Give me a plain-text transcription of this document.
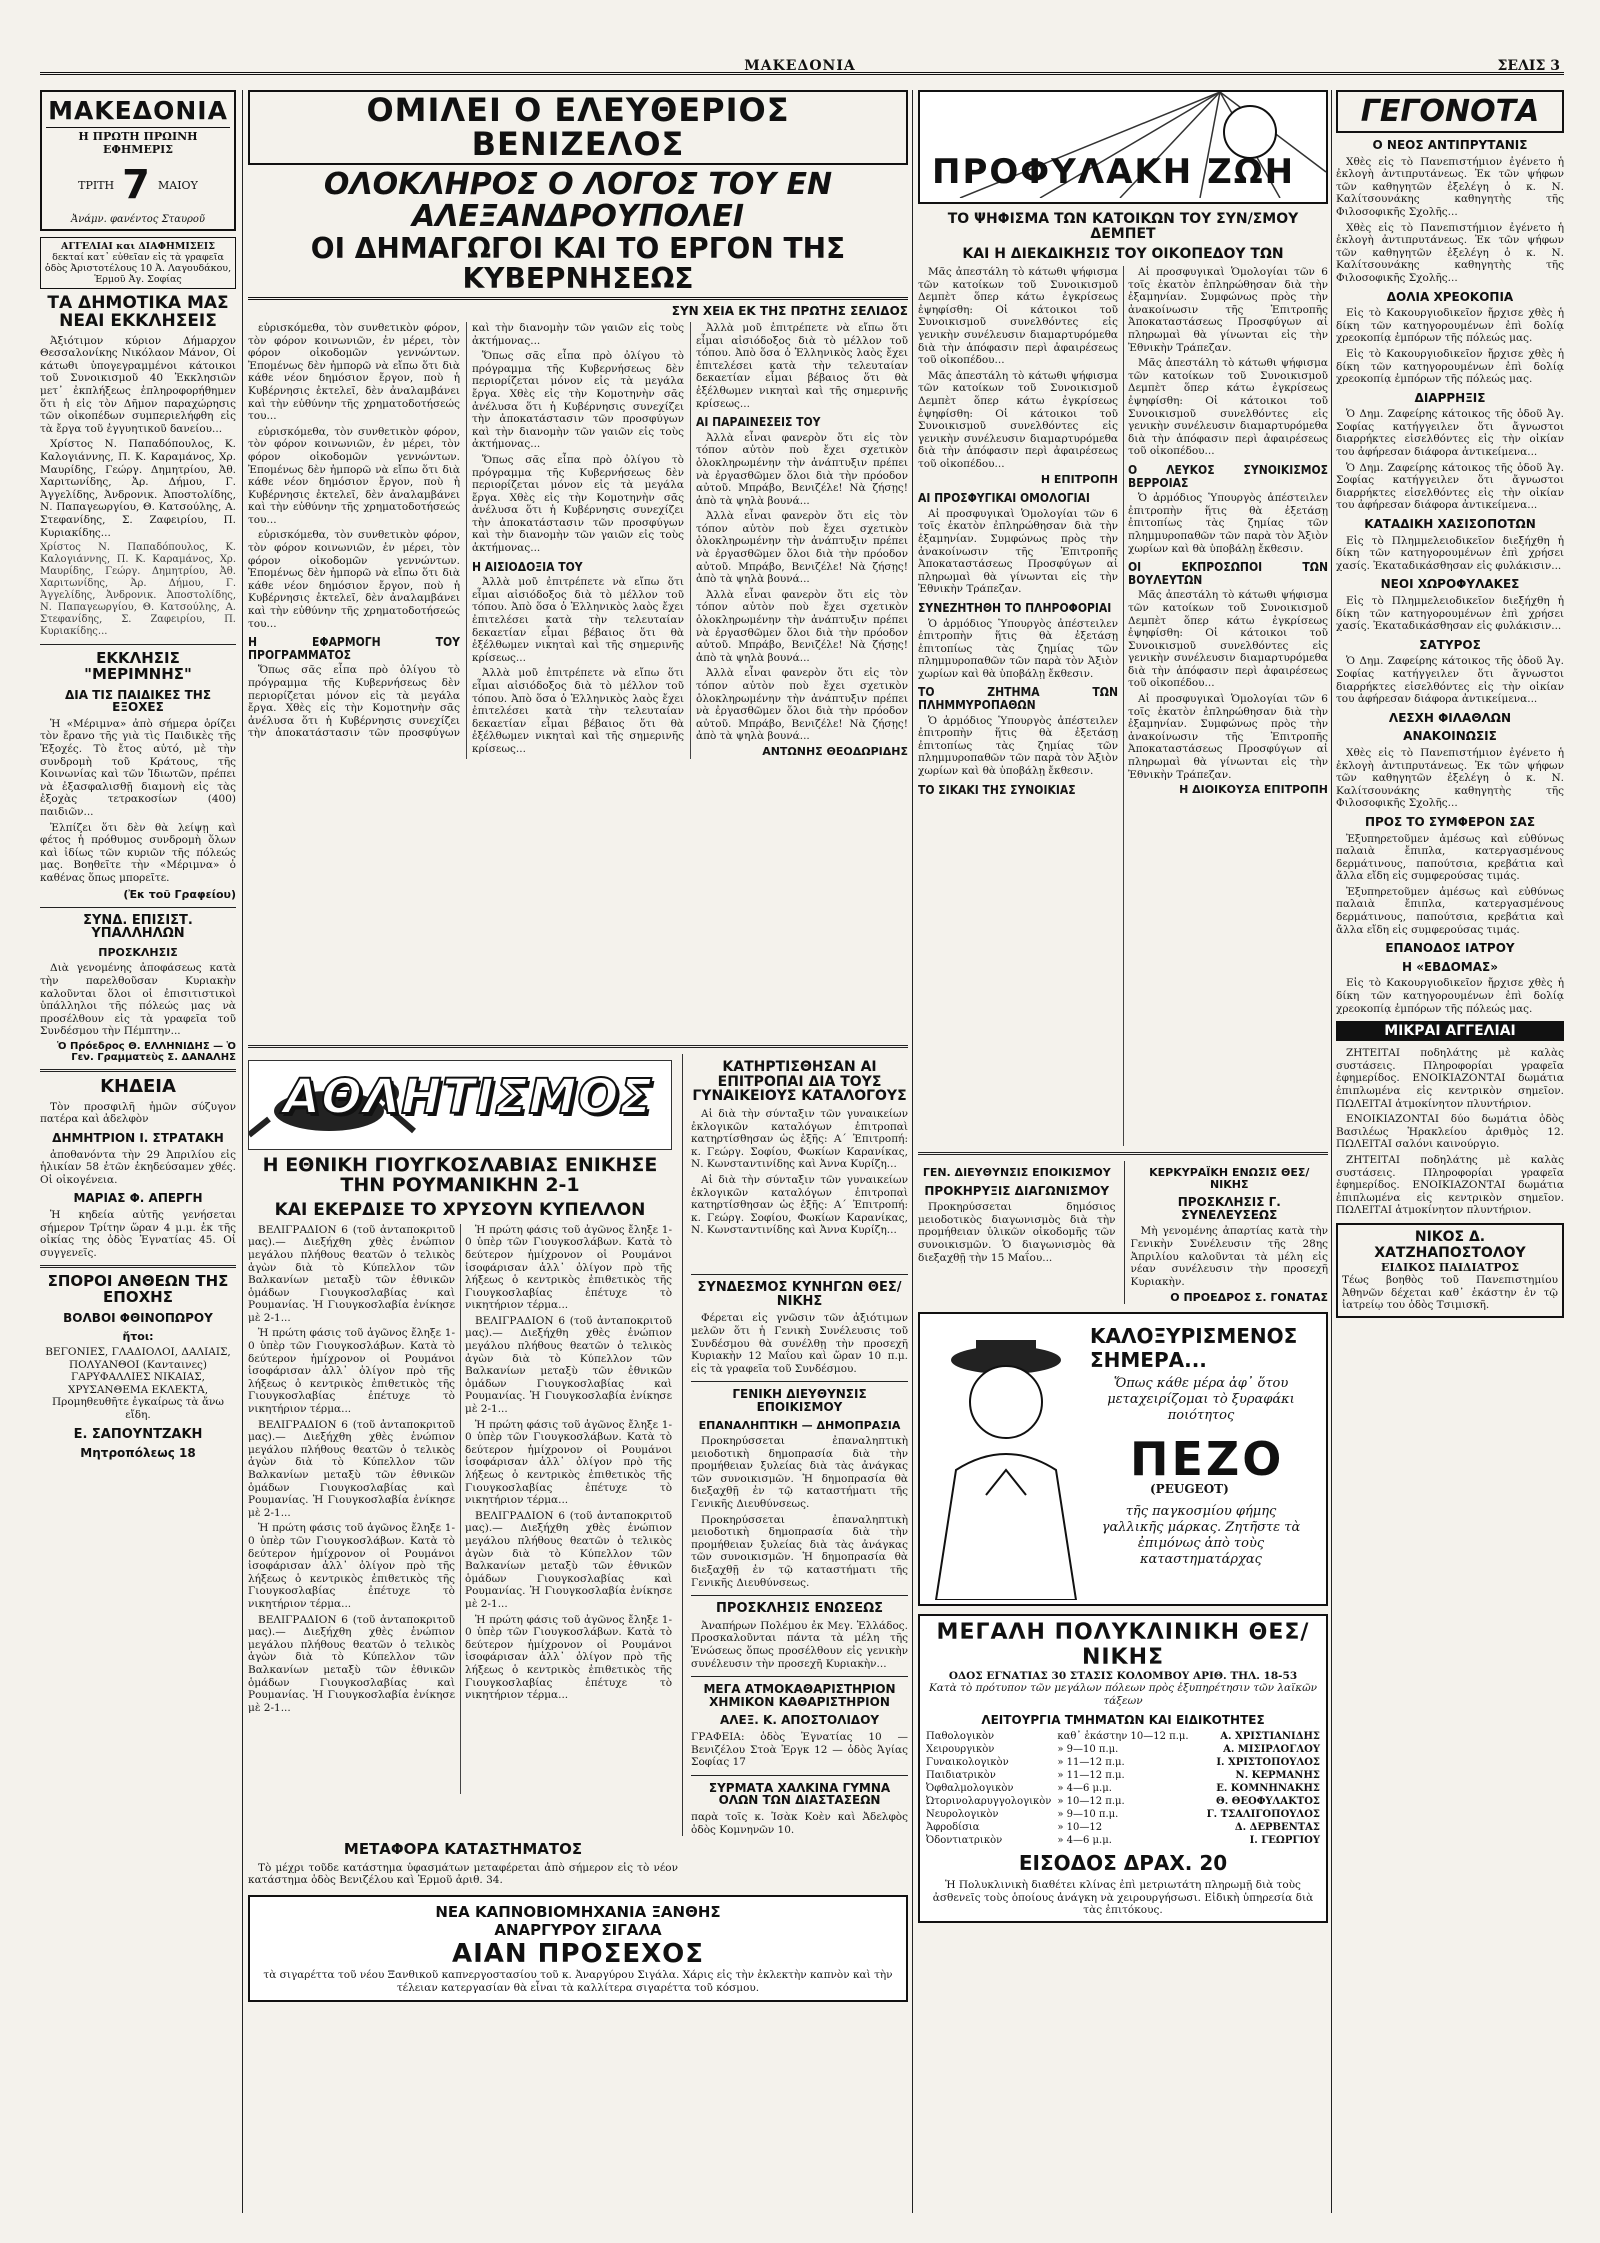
ΜΑΚΕΔΟΝΙΑ	ΣΕΛΙΣ 3
ΜΑΚΕΔΟΝΙΑ
Η ΠΡΩΤΗ ΠΡΩΙΝΗ ΕΦΗΜΕΡΙΣ
ΤΡΙΤΗ 7 ΜΑΙΟΥ
Ἀνάμν. φανέντος Σταυροῦ
ΑΓΓΕΛΙΑΙ και ΔΙΑΦΗΜΙΣΕΙΣ
δεκταί κατ᾿ εὐθεῖαν εἰς τὰ γραφεῖα ὁδὸς Ἀριστοτέλους 10 Ἀ. Λαγουδάκου, Ἑρμοῦ Ἀγ. Σοφίας
ΤΑ ΔΗΜΟΤΙΚΑ ΜΑΣ ΝΕΑΙ ΕΚΚΛΗΣΕΙΣ

Ἀξιότιμον κύριον Δήμαρχον Θεσσαλονίκης Νικόλαον Μάνον, Οἱ κάτωθι ὑπογεγραμμένοι κάτοικοι τοῦ Συνοικισμοῦ 40 Ἐκκλησιῶν μετ᾿ ἐκπλήξεως ἐπληροφορήθημεν ὅτι ἡ εἰς τὸν Δῆμον παραχώρησις τῶν οἰκοπέδων συμπεριελήφθη εἰς τὰ ἔργα τοῦ ἐγγυητικοῦ δανείου...

Χρίστος Ν. Παπαδόπουλος, Κ. Καλογιάννης, Π. Κ. Καραμάνος, Χρ. Μαυρίδης, Γεώργ. Δημητρίου, Ἀθ. Χαριτωνίδης, Ἀρ. Δήμου, Γ. Ἀγγελίδης, Ἀνδρονικ. Ἀποστολίδης, Ν. Παπαγεωργίου, Θ. Κατσούλης, Α. Στεφανίδης, Σ. Ζαφειρίου, Π. Κυριακίδης...

Χρίστος Ν. Παπαδόπουλος, Κ. Καλογιάννης, Π. Κ. Καραμάνος, Χρ. Μαυρίδης, Γεώργ. Δημητρίου, Ἀθ. Χαριτωνίδης, Ἀρ. Δήμου, Γ. Ἀγγελίδης, Ἀνδρονικ. Ἀποστολίδης, Ν. Παπαγεωργίου, Θ. Κατσούλης, Α. Στεφανίδης, Σ. Ζαφειρίου, Π. Κυριακίδης...
ΕΚΚΛΗΣΙΣ "ΜΕΡΙΜΝΗΣ"
ΔΙΑ ΤΙΣ ΠΑΙΔΙΚΕΣ ΤΗΣ ΕΞΟΧΕΣ

Ἡ «Μέριμνα» ἀπὸ σήμερα ὁρίζει τὸν ἔρανο τῆς γιὰ τὶς Παιδικὲς τῆς Ἐξοχές. Τὸ ἔτος αὐτό, μὲ τὴν συνδρομὴ τοῦ Κράτους, τῆς Κοινωνίας καὶ τῶν Ἰδιωτῶν, πρέπει νὰ ἐξασφαλισθῇ διαμονὴ εἰς τὰς ἐξοχὰς τετρακοσίων (400) παιδιῶν...

Ἐλπίζει ὅτι δὲν θὰ λείψῃ καὶ φέτος ἡ πρόθυμος συνδρομὴ ὅλων καὶ ἰδίως τῶν κυριῶν τῆς πόλεώς μας. Βοηθεῖτε τὴν «Μέριμνα» ὁ καθένας ὅπως μπορεῖτε.

(Ἐκ τοῦ Γραφείου)
ΣΥΝΔ. ΕΠΙΣΙΣΤ. ΥΠΑΛΛΗΛΩΝ
ΠΡΟΣΚΛΗΣΙΣ

Διὰ γενομένης ἀποφάσεως κατὰ τὴν παρελθοῦσαν Κυριακὴν καλοῦνται ὅλοι οἱ ἐπισιτιστικοὶ ὑπάλληλοι τῆς πόλεώς μας νὰ προσέλθουν εἰς τὰ γραφεῖα τοῦ Συνδέσμου τὴν Πέμπτην...

Ὁ Πρόεδρος Θ. ΕΛΛΗΝΙΔΗΣ — Ὁ Γεν. Γραμματεὺς Σ. ΔΑΝΑΛΗΣ
ΚΗΔΕΙΑ

Τὸν προσφιλῆ ἡμῶν σύζυγον πατέρα καὶ ἀδελφὸν

ΔΗΜΗΤΡΙΟΝ Ι. ΣΤΡΑΤΑΚΗ

ἀποθανόντα τὴν 29 Ἀπριλίου εἰς ἡλικίαν 58 ἐτῶν ἐκηδεύσαμεν χθές. Οἱ οἰκογένεια.

ΜΑΡΙΑΣ Φ. ΑΠΕΡΓΗ

Ἡ κηδεία αὐτῆς γενήσεται σήμερον Τρίτην ὥραν 4 μ.μ. ἐκ τῆς οἰκίας της ὁδὸς Ἐγνατίας 45. Οἱ συγγενεῖς.

ΣΠΟΡΟΙ ΑΝΘΕΩΝ ΤΗΣ ΕΠΟΧΗΣ
ΒΟΛΒΟΙ ΦΘΙΝΟΠΩΡΟΥ
ἤτοι:
ΒΕΓΟΝΙΕΣ, ΓΛΑΔΙΟΛΟΙ, ΔΑΛΙΑΙΣ, ΠΟΛΥΑΝΘΟΙ (Κανταινες) ΓΑΡΥΦΑΛΛΙΕΣ ΝΙΚΑΙΑΣ, ΧΡΥΣΑΝΘΕΜΑ ΕΚΛΕΚΤΑ, Προμηθευθῆτε ἐγκαίρως τὰ ἄνω εἴδη.
Ε. ΣΑΠΟΥΝΤΖΑΚΗ
Μητροπόλεως 18
ΟΜΙΛΕΙ Ο ΕΛΕΥΘΕΡΙΟΣ ΒΕΝΙΖΕΛΟΣ
ΟΛΟΚΛΗΡΟΣ Ο ΛΟΓΟΣ ΤΟΥ ΕΝ ΑΛΕΞΑΝΔΡΟΥΠΟΛΕΙ
ΟΙ ΔΗΜΑΓΩΓΟΙ ΚΑΙ ΤΟ ΕΡΓΟΝ ΤΗΣ ΚΥΒΕΡΝΗΣΕΩΣ
ΣΥΝ ΧΕΙΑ ΕΚ ΤΗΣ ΠΡΩΤΗΣ ΣΕΛΙΔΟΣ

εὐρισκόμεθα, τὸν συνθετικὸν φόρον, τὸν φόρον κοινωνιῶν, ἐν μέρει, τὸν φόρον οἰκοδομῶν γεννώντων. Ἐπομένως δὲν ἠμπορῶ νὰ εἴπω ὅτι διὰ κάθε νέον δημόσιον ἔργον, ποὺ ἡ Κυβέρνησις ἐκτελεῖ, δὲν ἀναλαμβάνει καὶ τὴν εὐθύνην τῆς χρηματοδοτήσεώς του...

εὐρισκόμεθα, τὸν συνθετικὸν φόρον, τὸν φόρον κοινωνιῶν, ἐν μέρει, τὸν φόρον οἰκοδομῶν γεννώντων. Ἐπομένως δὲν ἠμπορῶ νὰ εἴπω ὅτι διὰ κάθε νέον δημόσιον ἔργον, ποὺ ἡ Κυβέρνησις ἐκτελεῖ, δὲν ἀναλαμβάνει καὶ τὴν εὐθύνην τῆς χρηματοδοτήσεώς του...

εὐρισκόμεθα, τὸν συνθετικὸν φόρον, τὸν φόρον κοινωνιῶν, ἐν μέρει, τὸν φόρον οἰκοδομῶν γεννώντων. Ἐπομένως δὲν ἠμπορῶ νὰ εἴπω ὅτι διὰ κάθε νέον δημόσιον ἔργον, ποὺ ἡ Κυβέρνησις ἐκτελεῖ, δὲν ἀναλαμβάνει καὶ τὴν εὐθύνην τῆς χρηματοδοτήσεώς του...

Η ΕΦΑΡΜΟΓΗ ΤΟΥ ΠΡΟΓΡΑΜΜΑΤΟΣ

Ὅπως σᾶς εἶπα πρὸ ὀλίγου τὸ πρόγραμμα τῆς Κυβερνήσεως δὲν περιορίζεται μόνον εἰς τὰ μεγάλα ἔργα. Χθὲς εἰς τὴν Κομοτηνὴν σᾶς ἀνέλυσα ὅτι ἡ Κυβέρνησις συνεχίζει τὴν ἀποκατάστασιν τῶν προσφύγων καὶ τὴν διανομὴν τῶν γαιῶν εἰς τοὺς ἀκτήμονας...

Ὅπως σᾶς εἶπα πρὸ ὀλίγου τὸ πρόγραμμα τῆς Κυβερνήσεως δὲν περιορίζεται μόνον εἰς τὰ μεγάλα ἔργα. Χθὲς εἰς τὴν Κομοτηνὴν σᾶς ἀνέλυσα ὅτι ἡ Κυβέρνησις συνεχίζει τὴν ἀποκατάστασιν τῶν προσφύγων καὶ τὴν διανομὴν τῶν γαιῶν εἰς τοὺς ἀκτήμονας...

Ὅπως σᾶς εἶπα πρὸ ὀλίγου τὸ πρόγραμμα τῆς Κυβερνήσεως δὲν περιορίζεται μόνον εἰς τὰ μεγάλα ἔργα. Χθὲς εἰς τὴν Κομοτηνὴν σᾶς ἀνέλυσα ὅτι ἡ Κυβέρνησις συνεχίζει τὴν ἀποκατάστασιν τῶν προσφύγων καὶ τὴν διανομὴν τῶν γαιῶν εἰς τοὺς ἀκτήμονας...

Η ΑΙΣΙΟΔΟΞΙΑ ΤΟΥ

Ἀλλὰ μοῦ ἐπιτρέπετε νὰ εἴπω ὅτι εἶμαι αἰσιόδοξος διὰ τὸ μέλλον τοῦ τόπου. Ἀπὸ ὅσα ὁ Ἑλληνικὸς λαὸς ἔχει ἐπιτελέσει κατὰ τὴν τελευταίαν δεκαετίαν εἶμαι βέβαιος ὅτι θὰ ἐξέλθωμεν νικηταὶ καὶ τῆς σημερινῆς κρίσεως...

Ἀλλὰ μοῦ ἐπιτρέπετε νὰ εἴπω ὅτι εἶμαι αἰσιόδοξος διὰ τὸ μέλλον τοῦ τόπου. Ἀπὸ ὅσα ὁ Ἑλληνικὸς λαὸς ἔχει ἐπιτελέσει κατὰ τὴν τελευταίαν δεκαετίαν εἶμαι βέβαιος ὅτι θὰ ἐξέλθωμεν νικηταὶ καὶ τῆς σημερινῆς κρίσεως...

Ἀλλὰ μοῦ ἐπιτρέπετε νὰ εἴπω ὅτι εἶμαι αἰσιόδοξος διὰ τὸ μέλλον τοῦ τόπου. Ἀπὸ ὅσα ὁ Ἑλληνικὸς λαὸς ἔχει ἐπιτελέσει κατὰ τὴν τελευταίαν δεκαετίαν εἶμαι βέβαιος ὅτι θὰ ἐξέλθωμεν νικηταὶ καὶ τῆς σημερινῆς κρίσεως...

ΑΙ ΠΑΡΑΙΝΕΣΕΙΣ ΤΟΥ

Ἀλλὰ εἶναι φανερὸν ὅτι εἰς τὸν τόπον αὐτὸν ποὺ ἔχει σχετικὸν ὁλοκληρωμένην τὴν ἀνάπτυξιν πρέπει νὰ ἐργασθῶμεν ὅλοι διὰ τὴν πρόοδον αὐτοῦ. Μπράβο, Βενιζέλε! Νὰ ζήσῃς! ἀπὸ τὰ ψηλὰ βουνά...

Ἀλλὰ εἶναι φανερὸν ὅτι εἰς τὸν τόπον αὐτὸν ποὺ ἔχει σχετικὸν ὁλοκληρωμένην τὴν ἀνάπτυξιν πρέπει νὰ ἐργασθῶμεν ὅλοι διὰ τὴν πρόοδον αὐτοῦ. Μπράβο, Βενιζέλε! Νὰ ζήσῃς! ἀπὸ τὰ ψηλὰ βουνά...

Ἀλλὰ εἶναι φανερὸν ὅτι εἰς τὸν τόπον αὐτὸν ποὺ ἔχει σχετικὸν ὁλοκληρωμένην τὴν ἀνάπτυξιν πρέπει νὰ ἐργασθῶμεν ὅλοι διὰ τὴν πρόοδον αὐτοῦ. Μπράβο, Βενιζέλε! Νὰ ζήσῃς! ἀπὸ τὰ ψηλὰ βουνά...

Ἀλλὰ εἶναι φανερὸν ὅτι εἰς τὸν τόπον αὐτὸν ποὺ ἔχει σχετικὸν ὁλοκληρωμένην τὴν ἀνάπτυξιν πρέπει νὰ ἐργασθῶμεν ὅλοι διὰ τὴν πρόοδον αὐτοῦ. Μπράβο, Βενιζέλε! Νὰ ζήσῃς! ἀπὸ τὰ ψηλὰ βουνά...

ΑΝΤΩΝΗΣ ΘΕΟΔΩΡΙΔΗΣ
ΑΘΛΗΤΙΣΜΟΣ
Η ΕΘΝΙΚΗ ΓΙΟΥΓΚΟΣΛΑΒΙΑΣ ΕΝΙΚΗΣΕ ΤΗΝ ΡΟΥΜΑΝΙΚΗΝ 2-1
ΚΑΙ ΕΚΕΡΔΙΣΕ ΤΟ ΧΡΥΣΟΥΝ ΚΥΠΕΛΛΟΝ

ΒΕΛΙΓΡΑΔΙΟΝ 6 (τοῦ ἀνταποκριτοῦ μας).— Διεξήχθη χθὲς ἐνώπιον μεγάλου πλήθους θεατῶν ὁ τελικὸς ἀγὼν διὰ τὸ Κύπελλον τῶν Βαλκανίων μεταξὺ τῶν ἐθνικῶν ὁμάδων Γιουγκοσλαβίας καὶ Ρουμανίας. Ἡ Γιουγκοσλαβία ἐνίκησε μὲ 2-1...

Ἡ πρώτη φάσις τοῦ ἀγῶνος ἔληξε 1-0 ὑπὲρ τῶν Γιουγκοσλάβων. Κατὰ τὸ δεύτερον ἡμίχρονον οἱ Ρουμάνοι ἰσοφάρισαν ἀλλ᾿ ὀλίγον πρὸ τῆς λήξεως ὁ κεντρικὸς ἐπιθετικὸς τῆς Γιουγκοσλαβίας ἐπέτυχε τὸ νικητήριον τέρμα...

ΒΕΛΙΓΡΑΔΙΟΝ 6 (τοῦ ἀνταποκριτοῦ μας).— Διεξήχθη χθὲς ἐνώπιον μεγάλου πλήθους θεατῶν ὁ τελικὸς ἀγὼν διὰ τὸ Κύπελλον τῶν Βαλκανίων μεταξὺ τῶν ἐθνικῶν ὁμάδων Γιουγκοσλαβίας καὶ Ρουμανίας. Ἡ Γιουγκοσλαβία ἐνίκησε μὲ 2-1...

Ἡ πρώτη φάσις τοῦ ἀγῶνος ἔληξε 1-0 ὑπὲρ τῶν Γιουγκοσλάβων. Κατὰ τὸ δεύτερον ἡμίχρονον οἱ Ρουμάνοι ἰσοφάρισαν ἀλλ᾿ ὀλίγον πρὸ τῆς λήξεως ὁ κεντρικὸς ἐπιθετικὸς τῆς Γιουγκοσλαβίας ἐπέτυχε τὸ νικητήριον τέρμα...

ΒΕΛΙΓΡΑΔΙΟΝ 6 (τοῦ ἀνταποκριτοῦ μας).— Διεξήχθη χθὲς ἐνώπιον μεγάλου πλήθους θεατῶν ὁ τελικὸς ἀγὼν διὰ τὸ Κύπελλον τῶν Βαλκανίων μεταξὺ τῶν ἐθνικῶν ὁμάδων Γιουγκοσλαβίας καὶ Ρουμανίας. Ἡ Γιουγκοσλαβία ἐνίκησε μὲ 2-1...

Ἡ πρώτη φάσις τοῦ ἀγῶνος ἔληξε 1-0 ὑπὲρ τῶν Γιουγκοσλάβων. Κατὰ τὸ δεύτερον ἡμίχρονον οἱ Ρουμάνοι ἰσοφάρισαν ἀλλ᾿ ὀλίγον πρὸ τῆς λήξεως ὁ κεντρικὸς ἐπιθετικὸς τῆς Γιουγκοσλαβίας ἐπέτυχε τὸ νικητήριον τέρμα...

ΒΕΛΙΓΡΑΔΙΟΝ 6 (τοῦ ἀνταποκριτοῦ μας).— Διεξήχθη χθὲς ἐνώπιον μεγάλου πλήθους θεατῶν ὁ τελικὸς ἀγὼν διὰ τὸ Κύπελλον τῶν Βαλκανίων μεταξὺ τῶν ἐθνικῶν ὁμάδων Γιουγκοσλαβίας καὶ Ρουμανίας. Ἡ Γιουγκοσλαβία ἐνίκησε μὲ 2-1...

Ἡ πρώτη φάσις τοῦ ἀγῶνος ἔληξε 1-0 ὑπὲρ τῶν Γιουγκοσλάβων. Κατὰ τὸ δεύτερον ἡμίχρονον οἱ Ρουμάνοι ἰσοφάρισαν ἀλλ᾿ ὀλίγον πρὸ τῆς λήξεως ὁ κεντρικὸς ἐπιθετικὸς τῆς Γιουγκοσλαβίας ἐπέτυχε τὸ νικητήριον τέρμα...

ΒΕΛΙΓΡΑΔΙΟΝ 6 (τοῦ ἀνταποκριτοῦ μας).— Διεξήχθη χθὲς ἐνώπιον μεγάλου πλήθους θεατῶν ὁ τελικὸς ἀγὼν διὰ τὸ Κύπελλον τῶν Βαλκανίων μεταξὺ τῶν ἐθνικῶν ὁμάδων Γιουγκοσλαβίας καὶ Ρουμανίας. Ἡ Γιουγκοσλαβία ἐνίκησε μὲ 2-1...

Ἡ πρώτη φάσις τοῦ ἀγῶνος ἔληξε 1-0 ὑπὲρ τῶν Γιουγκοσλάβων. Κατὰ τὸ δεύτερον ἡμίχρονον οἱ Ρουμάνοι ἰσοφάρισαν ἀλλ᾿ ὀλίγον πρὸ τῆς λήξεως ὁ κεντρικὸς ἐπιθετικὸς τῆς Γιουγκοσλαβίας ἐπέτυχε τὸ νικητήριον τέρμα...

ΚΑΤΗΡΤΙΣΘΗΣΑΝ ΑΙ ΕΠΙΤΡΟΠΑΙ ΔΙΑ ΤΟΥΣ ΓΥΝΑΙΚΕΙΟΥΣ ΚΑΤΑΛΟΓΟΥΣ

Αἱ διὰ τὴν σύνταξιν τῶν γυναικείων ἐκλογικῶν καταλόγων ἐπιτροπαὶ κατηρτίσθησαν ὡς ἑξῆς: Α΄ Ἐπιτροπή: κ. Γεώργ. Σοφίου, Φωκίων Καρανίκας, Ν. Κωνσταντινίδης καὶ Ἀννα Κυρίζη...

Αἱ διὰ τὴν σύνταξιν τῶν γυναικείων ἐκλογικῶν καταλόγων ἐπιτροπαὶ κατηρτίσθησαν ὡς ἑξῆς: Α΄ Ἐπιτροπή: κ. Γεώργ. Σοφίου, Φωκίων Καρανίκας, Ν. Κωνσταντινίδης καὶ Ἀννα Κυρίζη...

ΣΥΝΔΕΣΜΟΣ ΚΥΝΗΓΩΝ ΘΕΣ/ΝΙΚΗΣ

Φέρεται εἰς γνῶσιν τῶν ἀξιότιμων μελῶν ὅτι ἡ Γενικὴ Συνέλευσις τοῦ Συνδέσμου θὰ συνέλθῃ τὴν προσεχῆ Κυριακὴν 12 Μαΐου καὶ ὥραν 10 π.μ. εἰς τὰ γραφεῖα τοῦ Συνδέσμου.

ΓΕΝΙΚΗ ΔΙΕΥΘΥΝΣΙΣ ΕΠΟΙΚΙΣΜΟΥ
ΕΠΑΝΑΛΗΠΤΙΚΗ — ΔΗΜΟΠΡΑΣΙΑ

Προκηρύσσεται ἐπαναληπτικὴ μειοδοτικὴ δημοπρασία διὰ τὴν προμήθειαν ξυλείας διὰ τὰς ἀνάγκας τῶν συνοικισμῶν. Ἡ δημοπρασία θὰ διεξαχθῇ ἐν τῷ καταστήματι τῆς Γενικῆς Διευθύνσεως.

Προκηρύσσεται ἐπαναληπτικὴ μειοδοτικὴ δημοπρασία διὰ τὴν προμήθειαν ξυλείας διὰ τὰς ἀνάγκας τῶν συνοικισμῶν. Ἡ δημοπρασία θὰ διεξαχθῇ ἐν τῷ καταστήματι τῆς Γενικῆς Διευθύνσεως.

ΠΡΟΣΚΛΗΣΙΣ ΕΝΩΣΕΩΣ

Ἀναπήρων Πολέμου ἐκ Μεγ. Ἑλλάδος. Προσκαλοῦνται πάντα τὰ μέλη τῆς Ἑνώσεως ὅπως προσέλθουν εἰς γενικὴν συνέλευσιν τὴν προσεχῆ Κυριακὴν...

ΜΕΓΑ ΑΤΜΟΚΑΘΑΡΙΣΤΗΡΙΟΝ ΧΗΜΙΚΟΝ ΚΑΘΑΡΙΣΤΗΡΙΟΝ
ΑΛΕΞ. Κ. ΑΠΟΣΤΟΛΙΔΟΥ
ΓΡΑΦΕΙΑ: ὁδὸς Ἐγνατίας 10 — Βενιζέλου Στοὰ Ἐργκ 12 — ὁδὸς Ἁγίας Σοφίας 17
ΣΥΡΜΑΤΑ ΧΑΛΚΙΝΑ ΓΥΜΝΑ ΟΛΩΝ ΤΩΝ ΔΙΑΣΤΑΣΕΩΝ
παρὰ τοῖς κ. Ἰσὰκ Κοὲν καὶ Ἀδελφὸς ὁδὸς Κομνηνῶν 10.
ΜΕΤΑΦΟΡΑ ΚΑΤΑΣΤΗΜΑΤΟΣ

Τὸ μέχρι τοῦδε κατάστημα ὑφασμάτων μεταφέρεται ἀπὸ σήμερον εἰς τὸ νέον κατάστημα ὁδὸς Βενιζέλου καὶ Ἑρμοῦ ἀριθ. 34.

ΝΕΑ ΚΑΠΝΟΒΙΟΜΗΧΑΝΙΑ ΞΑΝΘΗΣ
ΑΝΑΡΓΥΡΟΥ ΣΙΓΑΛΑ
ΑΙΑΝ ΠΡΟΣΕΧΟΣ
τὰ σιγαρέττα τοῦ νέου Ξανθικοῦ καπνεργοστασίου τοῦ κ. Ἀναργύρου Σιγάλα. Χάρις εἰς τὴν ἐκλεκτὴν καπνὸν καὶ τὴν τέλειαν κατεργασίαν θὰ εἶναι τὰ καλλίτερα σιγαρέττα τοῦ κόσμου.
ΠΡΟΦΥΛΑΚΗ ΖΩΗ
ΤΟ ΨΗΦΙΣΜΑ ΤΩΝ ΚΑΤΟΙΚΩΝ ΤΟΥ ΣΥΝ/ΣΜΟΥ ΔΕΜΠΕΤ
ΚΑΙ Η ΔΙΕΚΔΙΚΗΣΙΣ ΤΟΥ ΟΙΚΟΠΕΔΟΥ ΤΩΝ

Μᾶς ἀπεστάλη τὸ κάτωθι ψήφισμα τῶν κατοίκων τοῦ Συνοικισμοῦ Δεμπὲτ ὅπερ κάτω ἐγκρίσεως ἐψηφίσθη: Οἱ κάτοικοι τοῦ Συνοικισμοῦ συνελθόντες εἰς γενικὴν συνέλευσιν διαμαρτυρόμεθα διὰ τὴν ἀπόφασιν περὶ ἀφαιρέσεως τοῦ οἰκοπέδου...

Μᾶς ἀπεστάλη τὸ κάτωθι ψήφισμα τῶν κατοίκων τοῦ Συνοικισμοῦ Δεμπὲτ ὅπερ κάτω ἐγκρίσεως ἐψηφίσθη: Οἱ κάτοικοι τοῦ Συνοικισμοῦ συνελθόντες εἰς γενικὴν συνέλευσιν διαμαρτυρόμεθα διὰ τὴν ἀπόφασιν περὶ ἀφαιρέσεως τοῦ οἰκοπέδου...

Η ΕΠΙΤΡΟΠΗ
ΑΙ ΠΡΟΣΦΥΓΙΚΑΙ ΟΜΟΛΟΓΙΑΙ

Αἱ προσφυγικαὶ Ὁμολογίαι τῶν 6 τοῖς ἑκατὸν ἐπληρώθησαν διὰ τὴν ἐξαμηνίαν. Συμφώνως πρὸς τὴν ἀνακοίνωσιν τῆς Ἐπιτροπῆς Ἀποκαταστάσεως Προσφύγων αἱ πληρωμαὶ θὰ γίνωνται εἰς τὴν Ἐθνικὴν Τράπεζαν.

ΣΥΝΕΖΗΤΗΘΗ ΤΟ ΠΛΗΡΟΦΟΡΙΑΙ

Ὁ ἀρμόδιος Ὑπουργὸς ἀπέστειλεν ἐπιτροπὴν ἥτις θὰ ἐξετάσῃ ἐπιτοπίως τὰς ζημίας τῶν πλημμυροπαθῶν τῶν παρὰ τὸν Ἀξιὸν χωρίων καὶ θὰ ὑποβάλῃ ἔκθεσιν.

ΤΟ ΖΗΤΗΜΑ ΤΩΝ ΠΛΗΜΜΥΡΟΠΑΘΩΝ

Ὁ ἀρμόδιος Ὑπουργὸς ἀπέστειλεν ἐπιτροπὴν ἥτις θὰ ἐξετάσῃ ἐπιτοπίως τὰς ζημίας τῶν πλημμυροπαθῶν τῶν παρὰ τὸν Ἀξιὸν χωρίων καὶ θὰ ὑποβάλῃ ἔκθεσιν.

ΤΟ ΣΙΚΑΚΙ ΤΗΣ ΣΥΝΟΙΚΙΑΣ

Αἱ προσφυγικαὶ Ὁμολογίαι τῶν 6 τοῖς ἑκατὸν ἐπληρώθησαν διὰ τὴν ἐξαμηνίαν. Συμφώνως πρὸς τὴν ἀνακοίνωσιν τῆς Ἐπιτροπῆς Ἀποκαταστάσεως Προσφύγων αἱ πληρωμαὶ θὰ γίνωνται εἰς τὴν Ἐθνικὴν Τράπεζαν.

Μᾶς ἀπεστάλη τὸ κάτωθι ψήφισμα τῶν κατοίκων τοῦ Συνοικισμοῦ Δεμπὲτ ὅπερ κάτω ἐγκρίσεως ἐψηφίσθη: Οἱ κάτοικοι τοῦ Συνοικισμοῦ συνελθόντες εἰς γενικὴν συνέλευσιν διαμαρτυρόμεθα διὰ τὴν ἀπόφασιν περὶ ἀφαιρέσεως τοῦ οἰκοπέδου...

Ο ΛΕΥΚΟΣ ΣΥΝΟΙΚΙΣΜΟΣ ΒΕΡΡΟΙΑΣ

Ὁ ἀρμόδιος Ὑπουργὸς ἀπέστειλεν ἐπιτροπὴν ἥτις θὰ ἐξετάσῃ ἐπιτοπίως τὰς ζημίας τῶν πλημμυροπαθῶν τῶν παρὰ τὸν Ἀξιὸν χωρίων καὶ θὰ ὑποβάλῃ ἔκθεσιν.

ΟΙ ΕΚΠΡΟΣΩΠΟΙ ΤΩΝ ΒΟΥΛΕΥΤΩΝ

Μᾶς ἀπεστάλη τὸ κάτωθι ψήφισμα τῶν κατοίκων τοῦ Συνοικισμοῦ Δεμπὲτ ὅπερ κάτω ἐγκρίσεως ἐψηφίσθη: Οἱ κάτοικοι τοῦ Συνοικισμοῦ συνελθόντες εἰς γενικὴν συνέλευσιν διαμαρτυρόμεθα διὰ τὴν ἀπόφασιν περὶ ἀφαιρέσεως τοῦ οἰκοπέδου...

Αἱ προσφυγικαὶ Ὁμολογίαι τῶν 6 τοῖς ἑκατὸν ἐπληρώθησαν διὰ τὴν ἐξαμηνίαν. Συμφώνως πρὸς τὴν ἀνακοίνωσιν τῆς Ἐπιτροπῆς Ἀποκαταστάσεως Προσφύγων αἱ πληρωμαὶ θὰ γίνωνται εἰς τὴν Ἐθνικὴν Τράπεζαν.

Η ΔΙΟΙΚΟΥΣΑ ΕΠΙΤΡΟΠΗ
ΓΕΝ. ΔΙΕΥΘΥΝΣΙΣ ΕΠΟΙΚΙΣΜΟΥ
ΠΡΟΚΗΡΥΞΙΣ ΔΙΑΓΩΝΙΣΜΟΥ

Προκηρύσσεται δημόσιος μειοδοτικὸς διαγωνισμὸς διὰ τὴν προμήθειαν ὑλικῶν οἰκοδομῆς τῶν συνοικισμῶν. Ὁ διαγωνισμὸς θὰ διεξαχθῇ τὴν 15 Μαΐου...

ΚΕΡΚΥΡΑΪΚΗ ΕΝΩΣΙΣ ΘΕΣ/ΝΙΚΗΣ
ΠΡΟΣΚΛΗΣΙΣ Γ. ΣΥΝΕΛΕΥΣΕΩΣ

Μὴ γενομένης ἀπαρτίας κατὰ τὴν Γενικὴν Συνέλευσιν τῆς 28ης Ἀπριλίου καλοῦνται τὰ μέλη εἰς νέαν συνέλευσιν τὴν προσεχῆ Κυριακὴν.

Ο ΠΡΟΕΔΡΟΣ Σ. ΓΟΝΑΤΑΣ
ΚΑΛΟΞΥΡΙΣΜΕΝΟΣ ΣΗΜΕΡΑ...
Ὅπως κάθε μέρα ἀφ᾿ ὅτου μεταχειρίζομαι τὸ ξυραφάκι ποιότητος
ΠΕΖΟ
(PEUGEOT)
τῆς παγκοσμίου φήμης γαλλικῆς μάρκας. Ζητῆστε τὰ ἐπιμόνως ἀπὸ τοὺς καταστηματάρχας
ΜΕΓΑΛΗ ΠΟΛΥΚΛΙΝΙΚΗ ΘΕΣ/ΝΙΚΗΣ
ΟΔΟΣ ΕΓΝΑΤΙΑΣ 30 ΣΤΑΣΙΣ ΚΟΛΟΜΒΟΥ ΑΡΙΘ. ΤΗΛ. 18-53
Κατὰ τὸ πρότυπον τῶν μεγάλων πόλεων πρὸς ἐξυπηρέτησιν τῶν λαϊκῶν τάξεων
ΛΕΙΤΟΥΡΓΙΑ ΤΜΗΜΑΤΩΝ ΚΑΙ ΕΙΔΙΚΟΤΗΤΕΣ
Παθολογικὸν	καθ᾿ ἑκάστην 10—12 π.μ.	Α. ΧΡΙΣΤΙΑΝΙΔΗΣ
Χειρουργικὸν	» 9—10 π.μ.	Α. ΜΙΣΙΡΛΟΓΛΟΥ
Γυναικολογικὸν	» 11—12 π.μ.	Ι. ΧΡΙΣΤΟΠΟΥΛΟΣ
Παιδιατρικὸν	» 11—12 π.μ.	Ν. ΚΕΡΜΑΝΗΣ
Ὀφθαλμολογικὸν	» 4—6 μ.μ.	Ε. ΚΟΜΝΗΝΑΚΗΣ
Ὠτορινολαρυγγολογικὸν » 10—12 π.μ.	Θ. ΘΕΟΦΥΛΑΚΤΟΣ
Νευρολογικὸν	» 9—10 π.μ.	Γ. ΤΣΑΛΙΓΟΠΟΥΛΟΣ
Ἀφροδίσια	» 10—12	Δ. ΔΕΡΒΕΝΤΑΣ
Ὀδοντιατρικὸν	» 4—6 μ.μ.	Ι. ΓΕΩΡΓΙΟΥ
ΕΙΣΟΔΟΣ ΔΡΑΧ. 20
Ἡ Πολυκλινικὴ διαθέτει κλίνας ἐπὶ μετριωτάτη πληρωμῇ διὰ τοὺς ἀσθενεῖς τοὺς ὁποίους ἀνάγκη νὰ χειρουργήσωσι. Εἰδικὴ ὑπηρεσία διὰ τὰς ἐπιτόκους.
ΓΕΓΟΝΟΤΑ
Ο ΝΕΟΣ ΑΝΤΙΠΡΥΤΑΝΙΣ

Χθὲς εἰς τὸ Πανεπιστήμιον ἐγένετο ἡ ἐκλογὴ ἀντιπρυτάνεως. Ἐκ τῶν ψήφων τῶν καθηγητῶν ἐξελέγη ὁ κ. Ν. Καλίτσουνάκης καθηγητὴς τῆς Φιλοσοφικῆς Σχολῆς...

Χθὲς εἰς τὸ Πανεπιστήμιον ἐγένετο ἡ ἐκλογὴ ἀντιπρυτάνεως. Ἐκ τῶν ψήφων τῶν καθηγητῶν ἐξελέγη ὁ κ. Ν. Καλίτσουνάκης καθηγητὴς τῆς Φιλοσοφικῆς Σχολῆς...

ΔΟΛΙΑ ΧΡΕΟΚΟΠΙΑ

Εἰς τὸ Κακουργιοδικεῖον ἤρχισε χθὲς ἡ δίκη τῶν κατηγορουμένων ἐπὶ δολίᾳ χρεοκοπίᾳ ἐμπόρων τῆς πόλεώς μας.

Εἰς τὸ Κακουργιοδικεῖον ἤρχισε χθὲς ἡ δίκη τῶν κατηγορουμένων ἐπὶ δολίᾳ χρεοκοπίᾳ ἐμπόρων τῆς πόλεώς μας.

ΔΙΑΡΡΗΞΙΣ

Ὁ Δημ. Ζαφείρης κάτοικος τῆς ὁδοῦ Ἀγ. Σοφίας κατήγγειλεν ὅτι ἄγνωστοι διαρρήκτες εἰσελθόντες εἰς τὴν οἰκίαν του ἀφήρεσαν διάφορα ἀντικείμενα...

Ὁ Δημ. Ζαφείρης κάτοικος τῆς ὁδοῦ Ἀγ. Σοφίας κατήγγειλεν ὅτι ἄγνωστοι διαρρήκτες εἰσελθόντες εἰς τὴν οἰκίαν του ἀφήρεσαν διάφορα ἀντικείμενα...

ΚΑΤΑΔΙΚΗ ΧΑΣΙΣΟΠΟΤΩΝ

Εἰς τὸ Πλημμελειοδικεῖον διεξήχθη ἡ δίκη τῶν κατηγορουμένων ἐπὶ χρήσει χασίς. Ἐκαταδικάσθησαν εἰς φυλάκισιν...

ΝΕΟΙ ΧΩΡΟΦΥΛΑΚΕΣ

Εἰς τὸ Πλημμελειοδικεῖον διεξήχθη ἡ δίκη τῶν κατηγορουμένων ἐπὶ χρήσει χασίς. Ἐκαταδικάσθησαν εἰς φυλάκισιν...

ΣΑΤΥΡΟΣ

Ὁ Δημ. Ζαφείρης κάτοικος τῆς ὁδοῦ Ἀγ. Σοφίας κατήγγειλεν ὅτι ἄγνωστοι διαρρήκτες εἰσελθόντες εἰς τὴν οἰκίαν του ἀφήρεσαν διάφορα ἀντικείμενα...

ΛΕΣΧΗ ΦΙΛΑΘΛΩΝ
ΑΝΑΚΟΙΝΩΣΙΣ

Χθὲς εἰς τὸ Πανεπιστήμιον ἐγένετο ἡ ἐκλογὴ ἀντιπρυτάνεως. Ἐκ τῶν ψήφων τῶν καθηγητῶν ἐξελέγη ὁ κ. Ν. Καλίτσουνάκης καθηγητὴς τῆς Φιλοσοφικῆς Σχολῆς...

ΠΡΟΣ ΤΟ ΣΥΜΦΕΡΟΝ ΣΑΣ

Ἐξυπηρετοῦμεν ἀμέσως καὶ εὐθύνως παλαιὰ ἔπιπλα, κατεργασμένους δερμάτινους, παπούτσια, κρεβάτια καὶ ἄλλα εἴδη εἰς συμφερούσας τιμάς.

Ἐξυπηρετοῦμεν ἀμέσως καὶ εὐθύνως παλαιὰ ἔπιπλα, κατεργασμένους δερμάτινους, παπούτσια, κρεβάτια καὶ ἄλλα εἴδη εἰς συμφερούσας τιμάς.

ΕΠΑΝΟΔΟΣ ΙΑΤΡΟΥ
Η «ΕΒΔΟΜΑΣ»

Εἰς τὸ Κακουργιοδικεῖον ἤρχισε χθὲς ἡ δίκη τῶν κατηγορουμένων ἐπὶ δολίᾳ χρεοκοπίᾳ ἐμπόρων τῆς πόλεώς μας.

ΜΙΚΡΑΙ ΑΓΓΕΛΙΑΙ

ΖΗΤΕΙΤΑΙ ποδηλάτης μὲ καλὰς συστάσεις. Πληροφορίαι γραφεῖα ἐφημερίδος. ΕΝΟΙΚΙΑΖΟΝΤΑΙ δωμάτια ἐπιπλωμένα εἰς κεντρικὸν σημεῖον. ΠΩΛΕΙΤΑΙ ἀτμοκίνητον πλυντήριον.

ΕΝΟΙΚΙΑΖΟΝΤΑΙ δύο δωμάτια ὁδὸς Βασιλέως Ἡρακλείου ἀριθμὸς 12. ΠΩΛΕΙΤΑΙ σαλόνι καινούργιο.

ΖΗΤΕΙΤΑΙ ποδηλάτης μὲ καλὰς συστάσεις. Πληροφορίαι γραφεῖα ἐφημερίδος. ΕΝΟΙΚΙΑΖΟΝΤΑΙ δωμάτια ἐπιπλωμένα εἰς κεντρικὸν σημεῖον. ΠΩΛΕΙΤΑΙ ἀτμοκίνητον πλυντήριον.

ΝΙΚΟΣ Δ. ΧΑΤΖΗΑΠΟΣΤΟΛΟΥ
ΕΙΔΙΚΟΣ ΠΑΙΔΙΑΤΡΟΣ
Τέως βοηθὸς τοῦ Πανεπιστημίου Ἀθηνῶν δέχεται καθ᾿ ἑκάστην ἐν τῷ ἰατρείῳ του ὁδὸς Τσιμισκῆ.
